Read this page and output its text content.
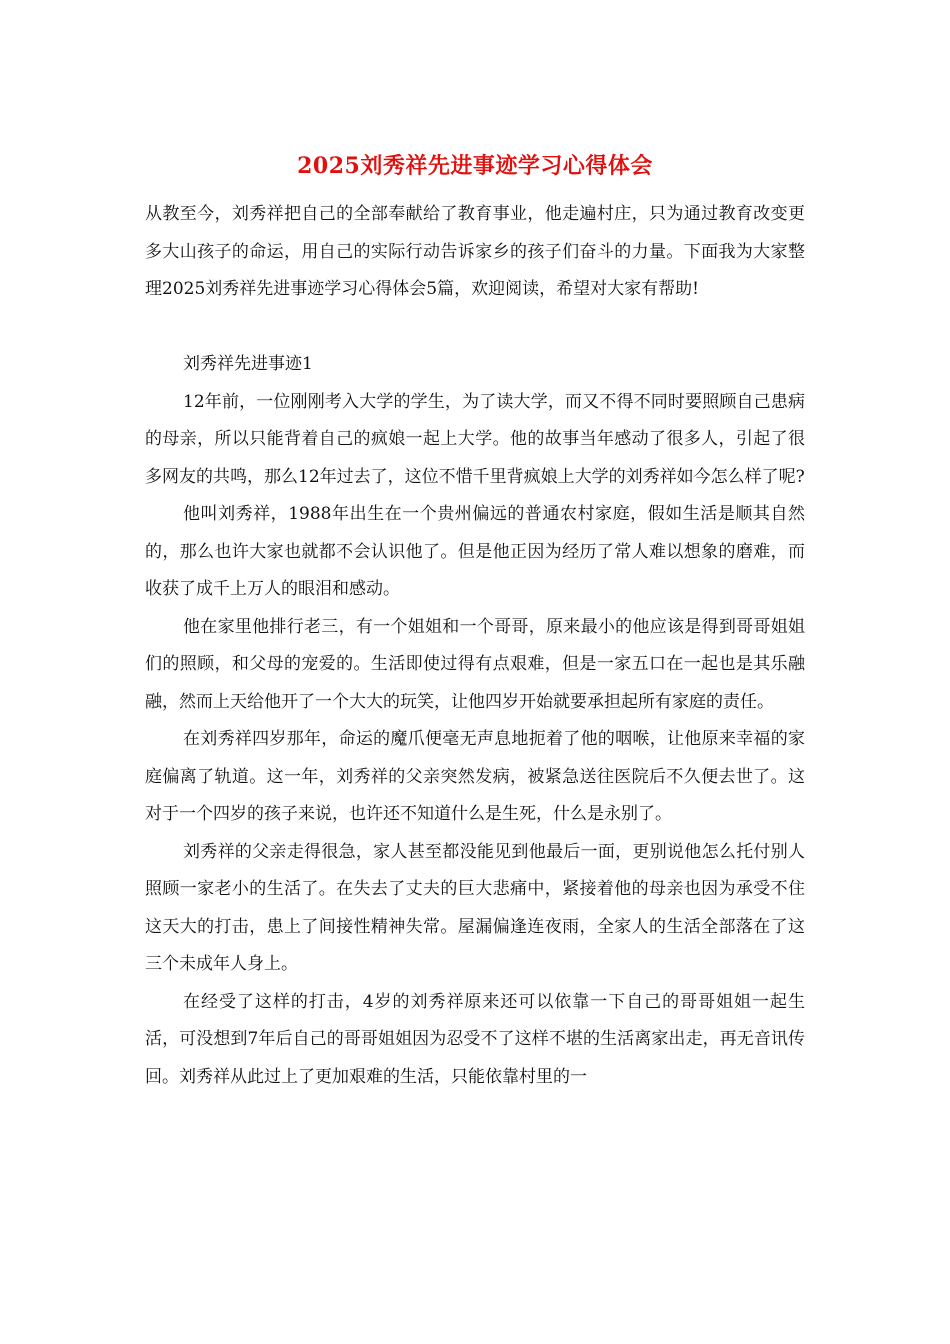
2025刘秀祥先进事迹学习心得体会

从教至今，刘秀祥把自己的全部奉献给了教育事业，他走遍村庄，只为通过教育改变更多大山孩子的命运，用自己的实际行动告诉家乡的孩子们奋斗的力量。下面我为大家整理2025刘秀祥先进事迹学习心得体会5篇，欢迎阅读，希望对大家有帮助!

刘秀祥先进事迹1

12年前，一位刚刚考入大学的学生，为了读大学，而又不得不同时要照顾自己患病的母亲，所以只能背着自己的疯娘一起上大学。他的故事当年感动了很多人，引起了很多网友的共鸣，那么12年过去了，这位不惜千里背疯娘上大学的刘秀祥如今怎么样了呢?

他叫刘秀祥，1988年出生在一个贵州偏远的普通农村家庭，假如生活是顺其自然的，那么也许大家也就都不会认识他了。但是他正因为经历了常人难以想象的磨难，而收获了成千上万人的眼泪和感动。

他在家里他排行老三，有一个姐姐和一个哥哥，原来最小的他应该是得到哥哥姐姐们的照顾，和父母的宠爱的。生活即使过得有点艰难，但是一家五口在一起也是其乐融融，然而上天给他开了一个大大的玩笑，让他四岁开始就要承担起所有家庭的责任。

在刘秀祥四岁那年，命运的魔爪便毫无声息地扼着了他的咽喉，让他原来幸福的家庭偏离了轨道。这一年，刘秀祥的父亲突然发病，被紧急送往医院后不久便去世了。这对于一个四岁的孩子来说，也许还不知道什么是生死，什么是永别了。

刘秀祥的父亲走得很急，家人甚至都没能见到他最后一面，更别说他怎么托付别人照顾一家老小的生活了。在失去了丈夫的巨大悲痛中，紧接着他的母亲也因为承受不住这天大的打击，患上了间接性精神失常。屋漏偏逢连夜雨，全家人的生活全部落在了这三个未成年人身上。

在经受了这样的打击，4岁的刘秀祥原来还可以依靠一下自己的哥哥姐姐一起生活，可没想到7年后自己的哥哥姐姐因为忍受不了这样不堪的生活离家出走，再无音讯传回。刘秀祥从此过上了更加艰难的生活，只能依靠村里的一
